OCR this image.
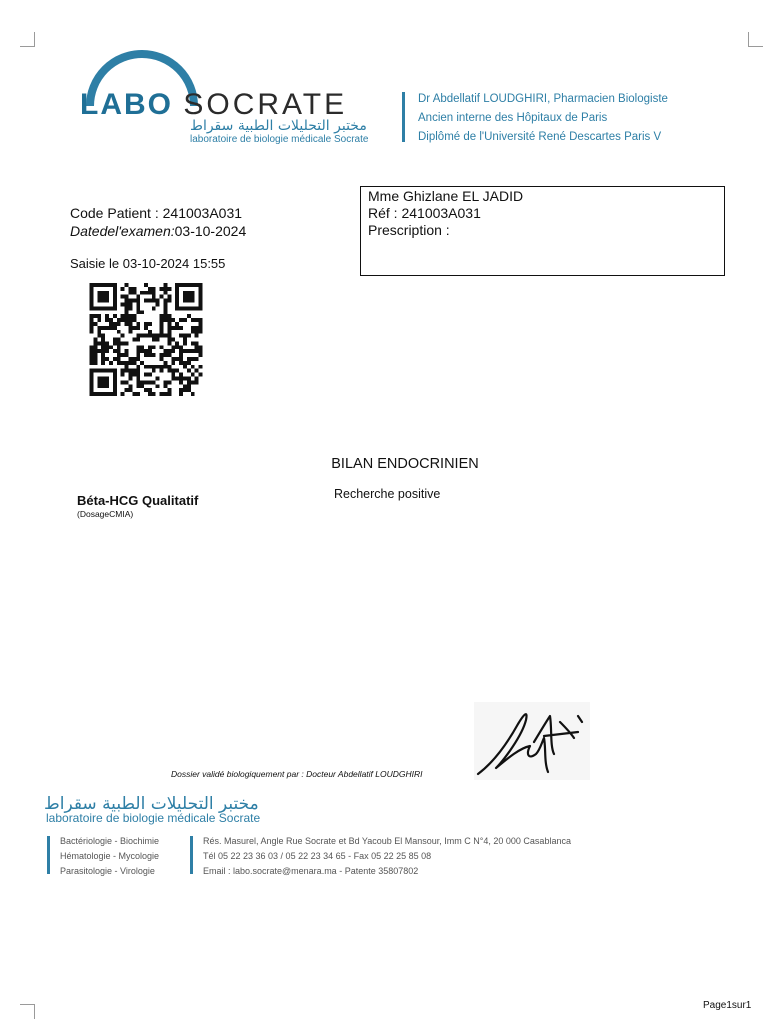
LABO SOCRATE
مختبر التحليلات الطبية سقراط
laboratoire de biologie médicale Socrate
Dr Abdellatif LOUDGHIRI, Pharmacien Biologiste
Ancien interne des Hôpitaux de Paris
Diplômé de l'Université René Descartes Paris V
Code Patient : 241003A031
Datedel'examen:03-10-2024
Saisie le 03-10-2024 15:55
Mme Ghizlane EL JADID
Réf : 241003A031
Prescription :
BILAN ENDOCRINIEN
Béta-HCG Qualitatif
(DosageCMIA)
Recherche positive
Dossier validé biologiquement par : Docteur Abdellatif LOUDGHIRI
مختبر التحليلات الطبية سقراط
laboratoire de biologie médicale Socrate
Bactériologie - Biochimie
Hématologie - Mycologie
Parasitologie - Virologie
Rés. Masurel, Angle Rue Socrate et Bd Yacoub El Mansour, Imm C N°4, 20 000 Casablanca
Tél 05 22 23 36 03 / 05 22 23 34 65 - Fax 05 22 25 85 08
Email : labo.socrate@menara.ma - Patente 35807802
Page1sur1
